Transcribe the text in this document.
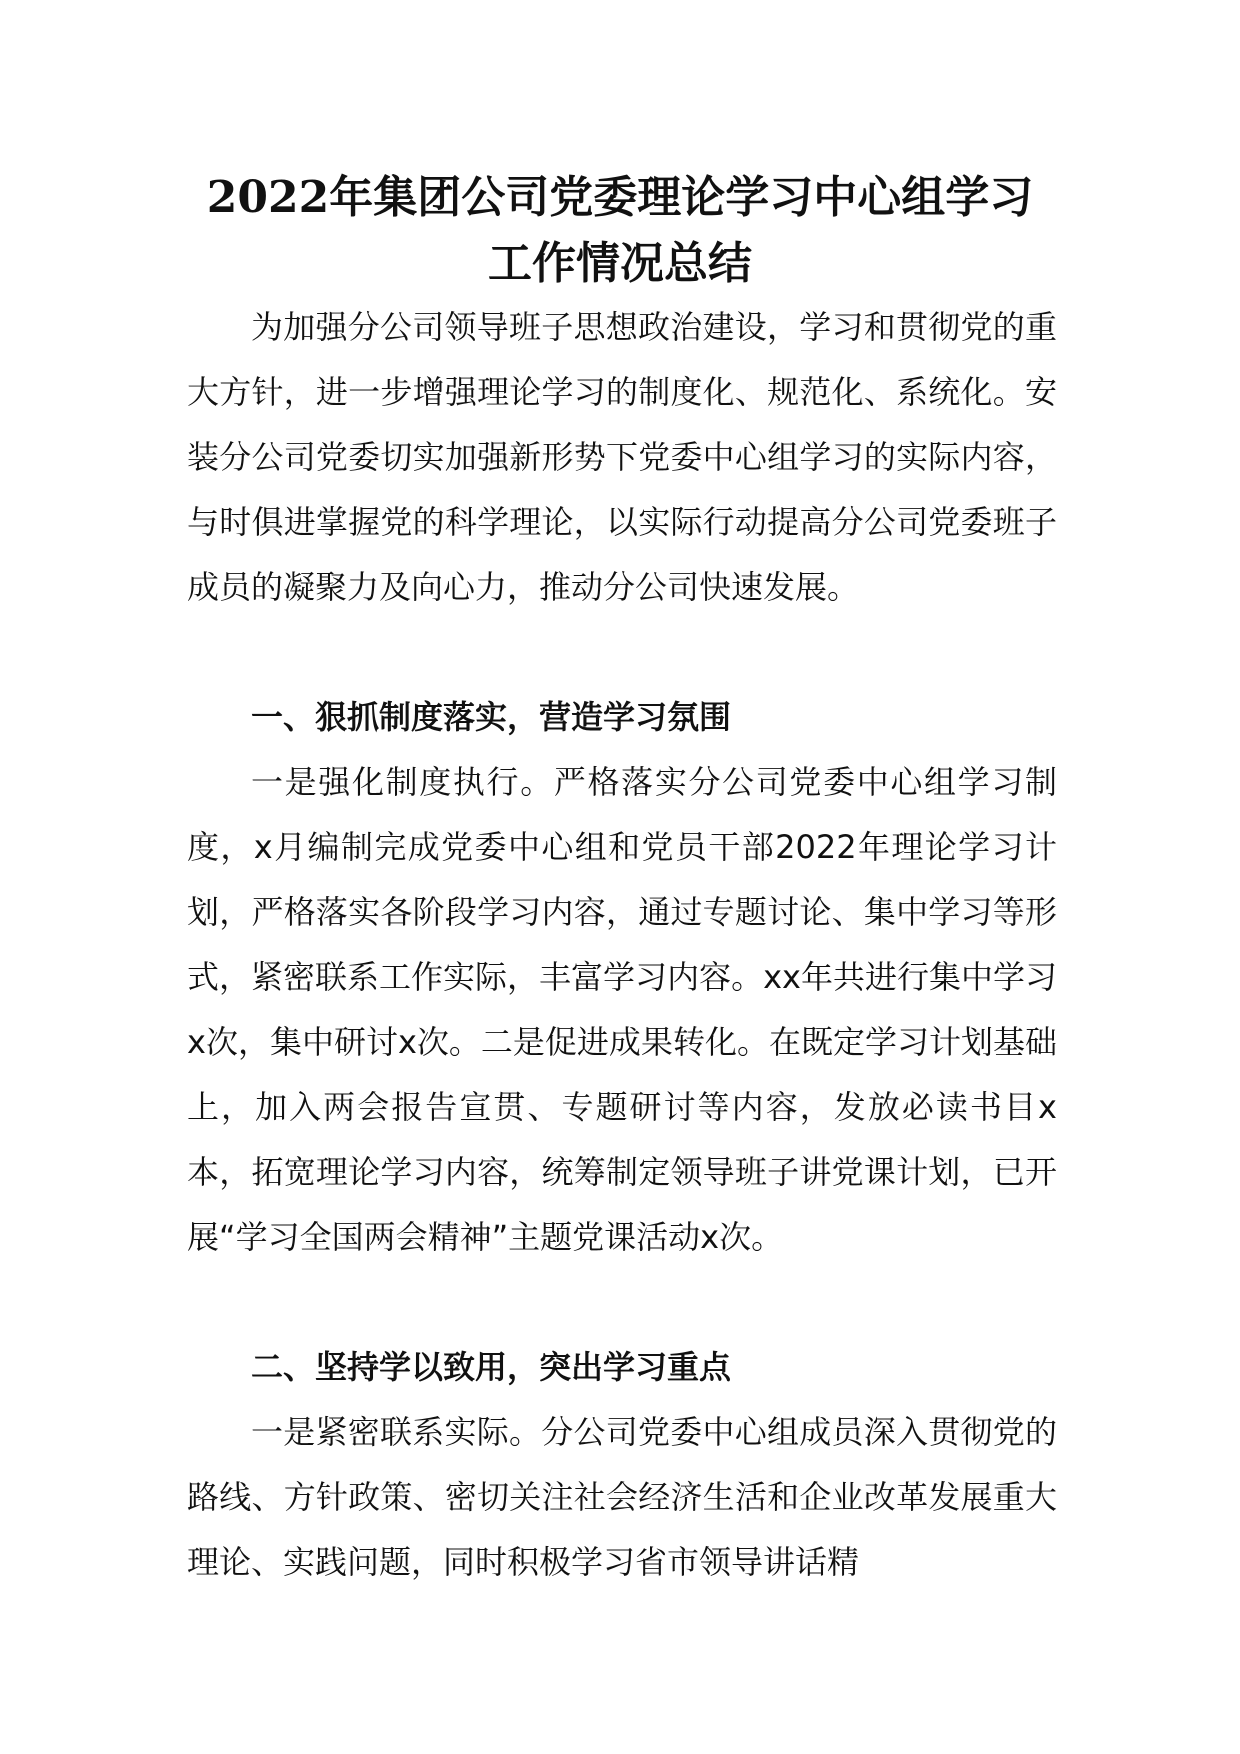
2022年集团公司党委理论学习中心组学习
工作情况总结

为加强分公司领导班子思想政治建设，学习和贯彻党的重大方针，进一步增强理论学习的制度化、规范化、系统化。安装分公司党委切实加强新形势下党委中心组学习的实际内容，与时俱进掌握党的科学理论，以实际行动提高分公司党委班子成员的凝聚力及向心力，推动分公司快速发展。

一、狠抓制度落实，营造学习氛围

一是强化制度执行。严格落实分公司党委中心组学习制度，x月编制完成党委中心组和党员干部2022年理论学习计划，严格落实各阶段学习内容，通过专题讨论、集中学习等形式，紧密联系工作实际，丰富学习内容。xx年共进行集中学习x次，集中研讨x次。二是促进成果转化。在既定学习计划基础上，加入两会报告宣贯、专题研讨等内容，发放必读书目x本，拓宽理论学习内容，统筹制定领导班子讲党课计划，已开展“学习全国两会精神”主题党课活动x次。

二、坚持学以致用，突出学习重点

一是紧密联系实际。分公司党委中心组成员深入贯彻党的路线、方针政策、密切关注社会经济生活和企业改革发展重大理论、实践问题，同时积极学习省市领导讲话精
